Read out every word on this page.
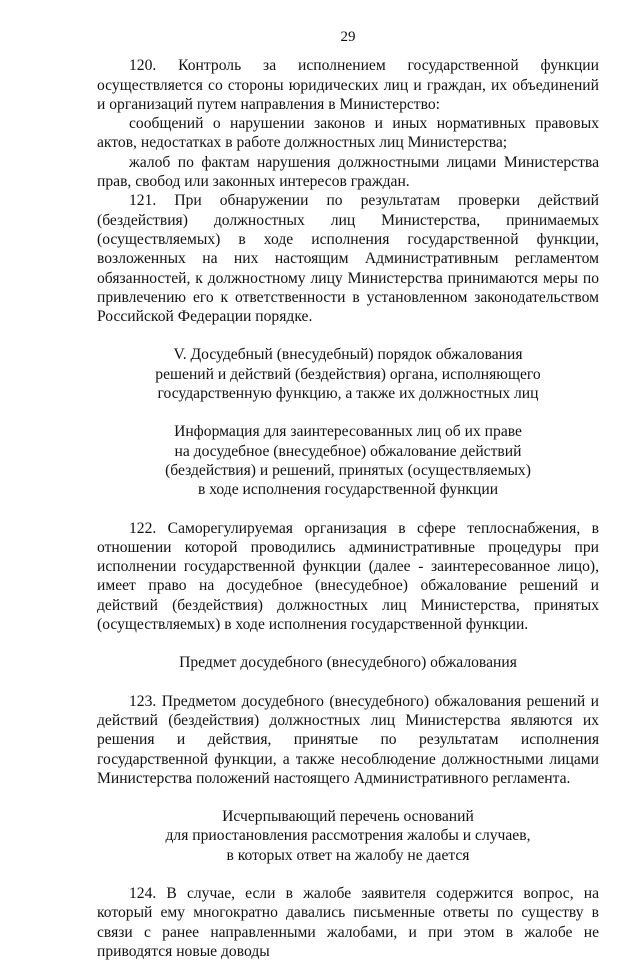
29

120. Контроль за исполнением государственной функции осуществляется со стороны юридических лиц и граждан, их объединений и организаций путем направления в Министерство:

сообщений о нарушении законов и иных нормативных правовых актов, недостатках в работе должностных лиц Министерства;

жалоб по фактам нарушения должностными лицами Министерства прав, свобод или законных интересов граждан.

121. При обнаружении по результатам проверки действий (бездействия) должностных лиц Министерства, принимаемых (осуществляемых) в ходе исполнения государственной функции, возложенных на них настоящим Административным регламентом обязанностей, к должностному лицу Министерства принимаются меры по привлечению его к ответственности в установленном законодательством Российской Федерации порядке.

V. Досудебный (внесудебный) порядок обжалования
решений и действий (бездействия) органа, исполняющего
государственную функцию, а также их должностных лиц
Информация для заинтересованных лиц об их праве
на досудебное (внесудебное) обжалование действий
(бездействия) и решений, принятых (осуществляемых)
в ходе исполнения государственной функции

122. Саморегулируемая организация в сфере теплоснабжения, в отношении которой проводились административные процедуры при исполнении государственной функции (далее - заинтересованное лицо), имеет право на досудебное (внесудебное) обжалование решений и действий (бездействия) должностных лиц Министерства, принятых (осуществляемых) в ходе исполнения государственной функции.

Предмет досудебного (внесудебного) обжалования

123. Предметом досудебного (внесудебного) обжалования решений и действий (бездействия) должностных лиц Министерства являются их решения и действия, принятые по результатам исполнения государственной функции, а также несоблюдение должностными лицами Министерства положений настоящего Административного регламента.

Исчерпывающий перечень оснований
для приостановления рассмотрения жалобы и случаев,
в которых ответ на жалобу не дается

124. В случае, если в жалобе заявителя содержится вопрос, на который ему многократно давались письменные ответы по существу в связи с ранее направленными жалобами, и при этом в жалобе не приводятся новые доводы
